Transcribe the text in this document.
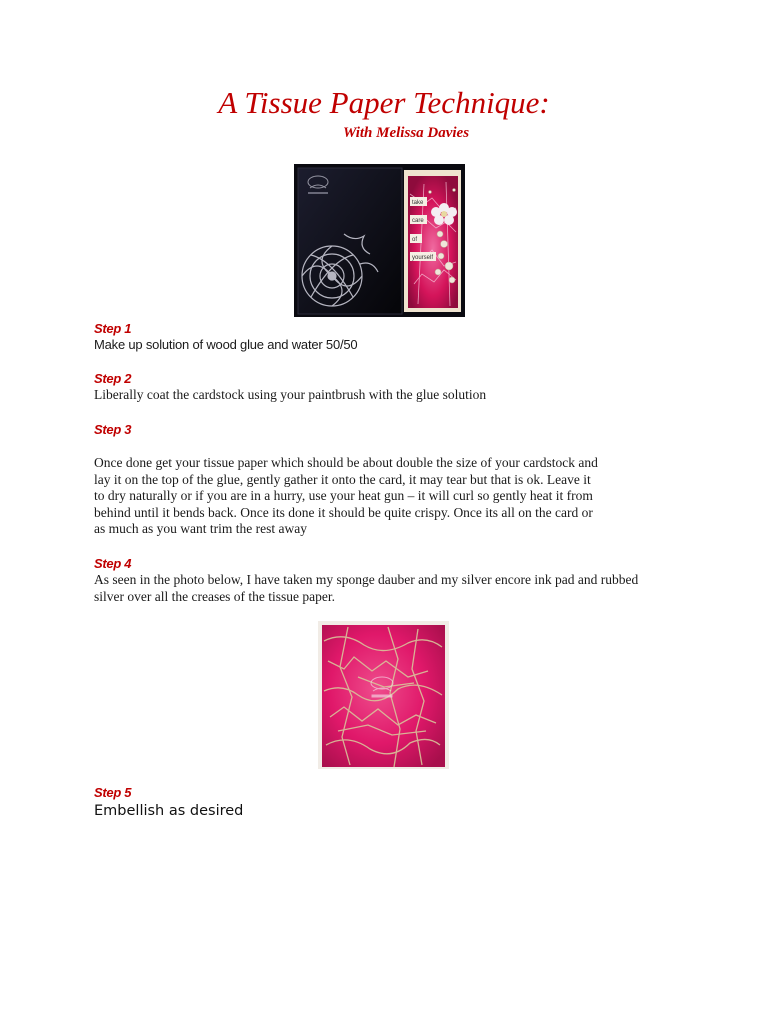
A Tissue Paper Technique:

With Melissa Davies

take
care
of
yourself

Step 1

Make up solution of wood glue and water 50/50

Step 2

Liberally coat the cardstock using your paintbrush with the glue solution

Step 3

Once done get your tissue paper which should be about double the size of your cardstock and
lay it on the top of the glue, gently gather it onto the card, it may tear but that is ok. Leave it
to dry naturally or if you are in a hurry, use your heat gun – it will curl so gently heat it from
behind until it bends back. Once its done it should be quite crispy. Once its all on the card or
as much as you want trim the rest away

Step 4

As seen in the photo below, I have taken my sponge dauber and my silver encore ink pad and rubbed
silver over all the creases of the tissue paper.

Step 5

Embellish as desired
